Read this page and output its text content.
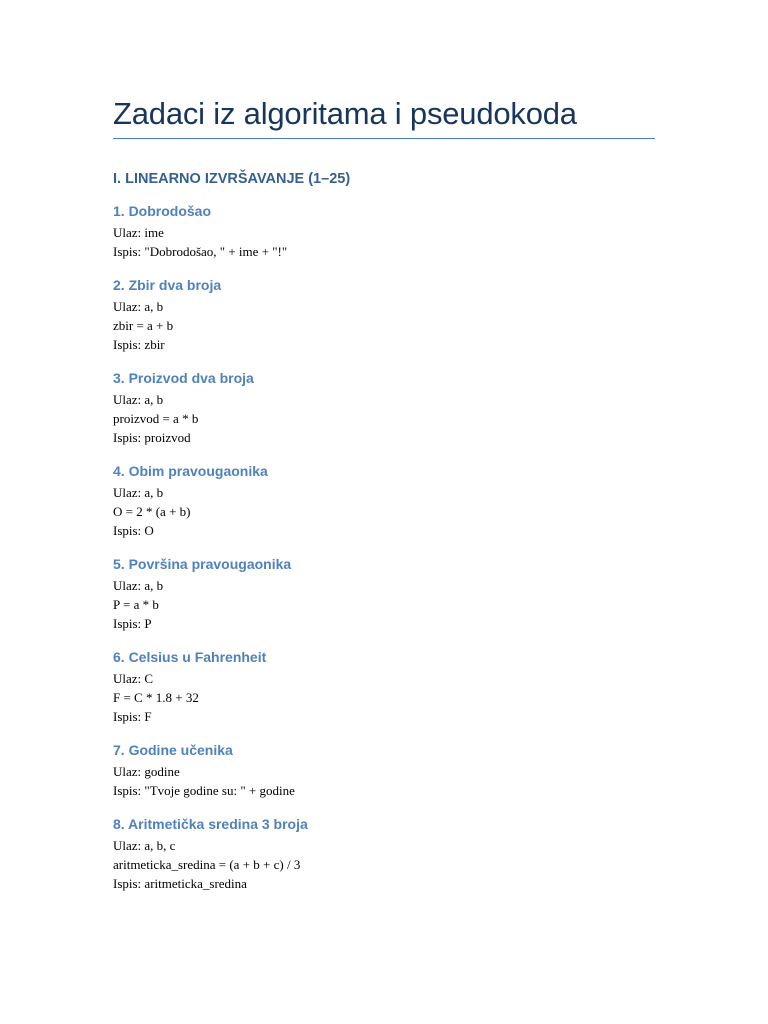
Zadaci iz algoritama i pseudokoda
I. LINEARNO IZVRŠAVANJE (1–25)
1. Dobrodošao

Ulaz: ime

Ispis: "Dobrodošao, " + ime + "!"

2. Zbir dva broja

Ulaz: a, b

zbir = a + b

Ispis: zbir

3. Proizvod dva broja

Ulaz: a, b

proizvod = a * b

Ispis: proizvod

4. Obim pravougaonika

Ulaz: a, b

O = 2 * (a + b)

Ispis: O

5. Površina pravougaonika

Ulaz: a, b

P = a * b

Ispis: P

6. Celsius u Fahrenheit

Ulaz: C

F = C * 1.8 + 32

Ispis: F

7. Godine učenika

Ulaz: godine

Ispis: "Tvoje godine su: " + godine

8. Aritmetička sredina 3 broja

Ulaz: a, b, c

aritmeticka_sredina = (a + b + c) / 3

Ispis: aritmeticka_sredina
